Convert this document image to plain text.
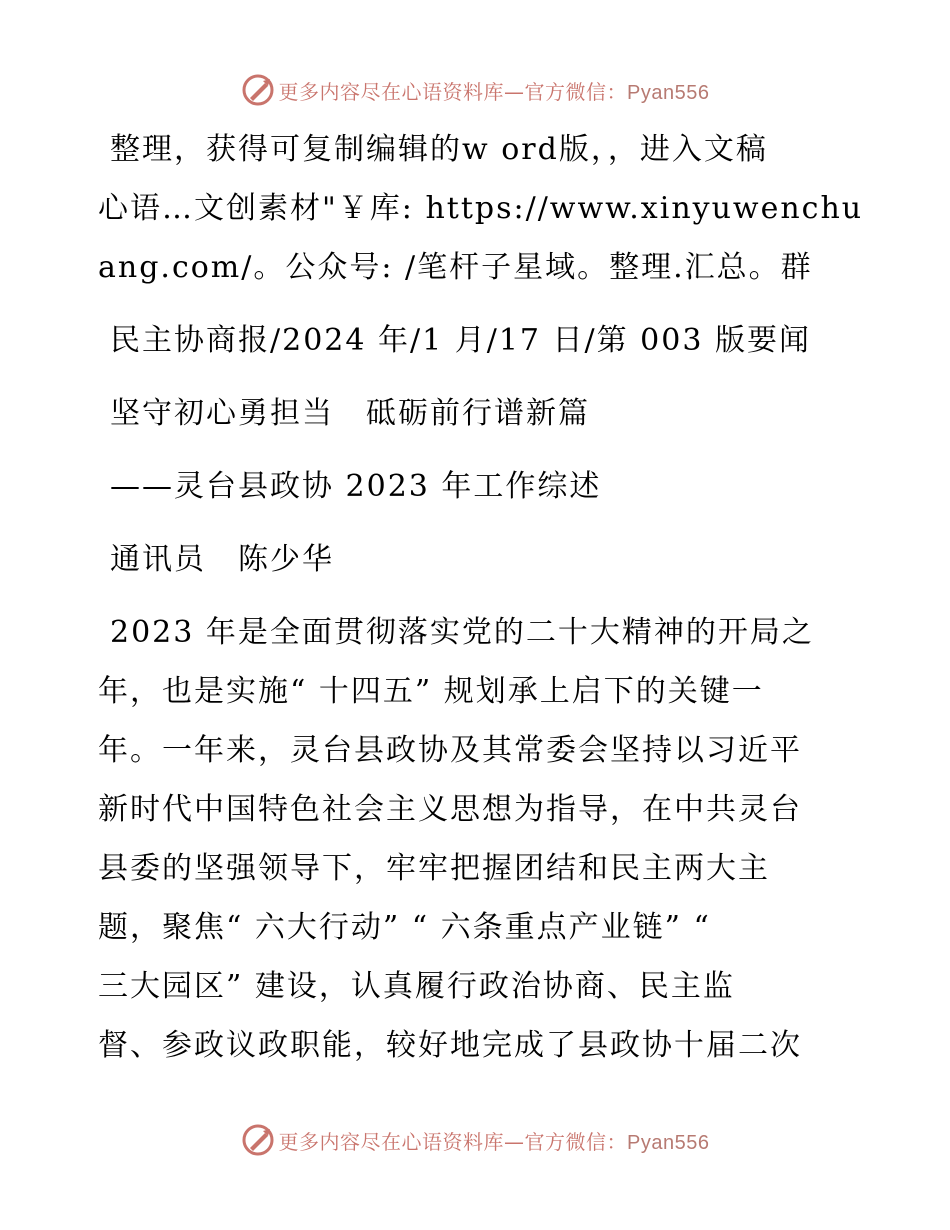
更多内容尽在心语资料库—官方微信：Pyan556
整理，获得可复制编辑的w ord版，，进入文稿
心语…文创素材"￥库: https://www.xinyuwenchu
ang.com/。公众号: /笔杆子星域。整理.汇总。群
民主协商报/2024 年/1 月/17 日/第 003 版要闻
坚守初心勇担当　砥砺前行谱新篇
——灵台县政协 2023 年工作综述
通讯员　陈少华
2023 年是全面贯彻落实党的二十大精神的开局之
年，也是实施“ 十四五” 规划承上启下的关键一
年。一年来，灵台县政协及其常委会坚持以习近平
新时代中国特色社会主义思想为指导，在中共灵台
县委的坚强领导下，牢牢把握团结和民主两大主
题，聚焦“ 六大行动” “ 六条重点产业链” “
三大园区” 建设，认真履行政治协商、民主监
督、参政议政职能，较好地完成了县政协十届二次
更多内容尽在心语资料库—官方微信：Pyan556
